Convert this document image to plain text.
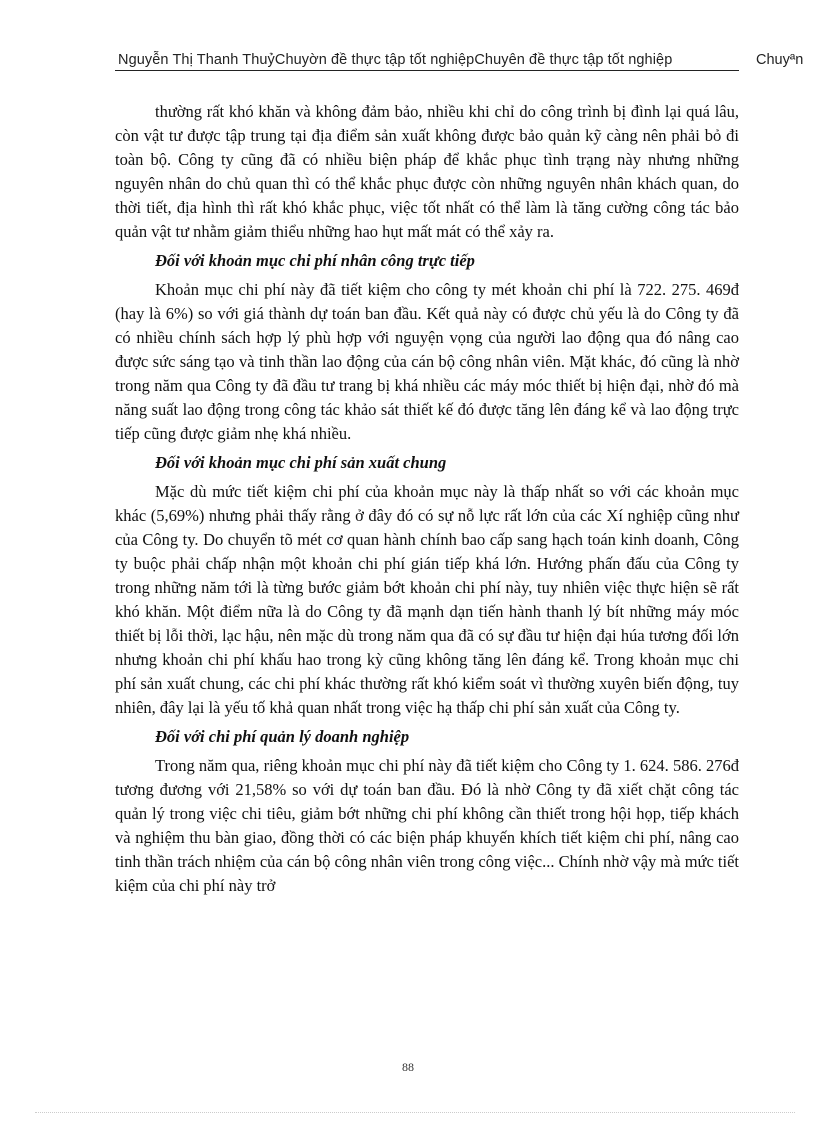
Nguyễn Thị Thanh ThuỷChuyờn đề thực tập tốt nghiệpChuyên đề thực tập tốt nghiệp	Chuyªn

thường rất khó khăn và không đảm bảo, nhiều khi chỉ do công trình bị đình lại quá lâu, còn vật tư được tập trung tại địa điểm sản xuất không được bảo quản kỹ càng nên phải bỏ đi toàn bộ. Công ty cũng đã có nhiều biện pháp để khắc phục tình trạng này nhưng những nguyên nhân do chủ quan thì có thể khắc phục được còn những nguyên nhân khách quan, do thời tiết, địa hình thì rất khó khắc phục, việc tốt nhất có thể làm là tăng cường công tác bảo quản vật tư nhằm giảm thiểu những hao hụt mất mát có thể xảy ra.

Đối với khoản mục chi phí nhân công trực tiếp

Khoản mục chi phí này đã tiết kiệm cho công ty mét khoản chi phí là 722. 275. 469đ (hay là 6%) so với giá thành dự toán ban đầu. Kết quả này có được chủ yếu là do Công ty đã có nhiều chính sách hợp lý phù hợp với nguyện vọng của người lao động qua đó nâng cao được sức sáng tạo và tinh thần lao động của cán bộ công nhân viên. Mặt khác, đó cũng là nhờ trong năm qua Công ty đã đầu tư trang bị khá nhiều các máy móc thiết bị hiện đại, nhờ đó mà năng suất lao động trong công tác khảo sát thiết kế đó được tăng lên đáng kể và lao động trực tiếp cũng được giảm nhẹ khá nhiều.

Đối với khoản mục chi phí sản xuất chung

Mặc dù mức tiết kiệm chi phí của khoản mục này là thấp nhất so với các khoản mục khác (5,69%) nhưng phải thấy rằng ở đây đó có sự nỗ lực rất lớn của các Xí nghiệp cũng như của Công ty. Do chuyển tõ mét cơ quan hành chính bao cấp sang hạch toán kinh doanh, Công ty buộc phải chấp nhận một khoản chi phí gián tiếp khá lớn. Hướng phấn đấu của Công ty trong những năm tới là từng bước giảm bớt khoản chi phí này, tuy nhiên việc thực hiện sẽ rất khó khăn. Một điểm nữa là do Công ty đã mạnh dạn tiến hành thanh lý bít những máy móc thiết bị lỗi thời, lạc hậu, nên mặc dù trong năm qua đã có sự đầu tư hiện đại húa tương đối lớn nhưng khoản chi phí khấu hao trong kỳ cũng không tăng lên đáng kể. Trong khoản mục chi phí sản xuất chung, các chi phí khác thường rất khó kiểm soát vì thường xuyên biến động, tuy nhiên, đây lại là yếu tố khả quan nhất trong việc hạ thấp chi phí sản xuất của Công ty.

Đối với chi phí quản lý doanh nghiệp

Trong năm qua, riêng khoản mục chi phí này đã tiết kiệm cho Công ty 1. 624. 586. 276đ tương đương với 21,58% so với dự toán ban đầu. Đó là nhờ Công ty đã xiết chặt công tác quản lý trong việc chi tiêu, giảm bớt những chi phí không cần thiết trong hội họp, tiếp khách và nghiệm thu bàn giao, đồng thời có các biện pháp khuyến khích tiết kiệm chi phí, nâng cao tinh thần trách nhiệm của cán bộ công nhân viên trong công việc... Chính nhờ vậy mà mức tiết kiệm của chi phí này trở

88
